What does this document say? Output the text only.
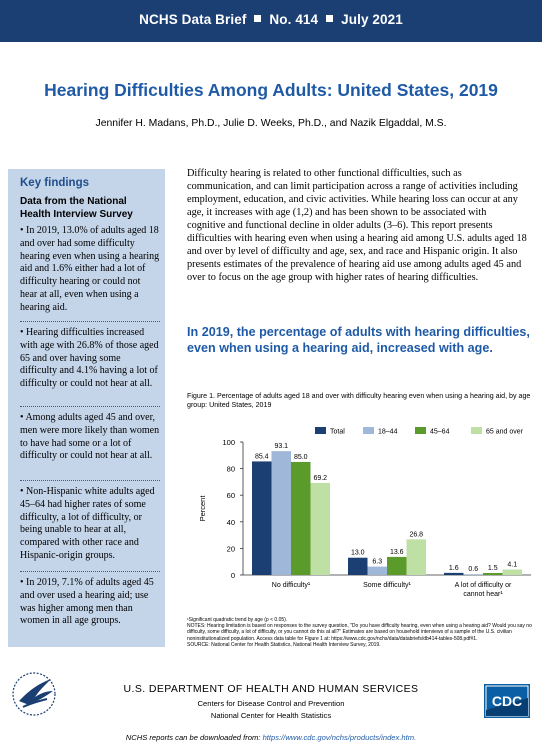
NCHS Data Brief No. 414 July 2021
Hearing Difficulties Among Adults: United States, 2019
Jennifer H. Madans, Ph.D., Julie D. Weeks, Ph.D., and Nazik Elgaddal, M.S.
Key findings
Data from the National Health Interview Survey
• In 2019, 13.0% of adults aged 18 and over had some difficulty hearing even when using a hearing aid and 1.6% either had a lot of difficulty hearing or could not hear at all, even when using a hearing aid.
• Hearing difficulties increased with age with 26.8% of those aged 65 and over having some difficulty and 4.1% having a lot of difficulty or could not hear at all.
• Among adults aged 45 and over, men were more likely than women to have had some or a lot of difficulty or could not hear at all.
• Non-Hispanic white adults aged 45–64 had higher rates of some difficulty, a lot of difficulty, or being unable to hear at all, compared with other race and Hispanic-origin groups.
• In 2019, 7.1% of adults aged 45 and over used a hearing aid; use was higher among men than women in all age groups.
Difficulty hearing is related to other functional difficulties, such as communication, and can limit participation across a range of activities including employment, education, and civic activities. While hearing loss can occur at any age, it increases with age (1,2) and has been shown to be associated with cognitive and functional decline in older adults (3–6). This report presents difficulties with hearing even when using a hearing aid among U.S. adults aged 18 and over by level of difficulty and age, sex, and race and Hispanic origin. It also presents estimates of the prevalence of hearing aid use among adults aged 45 and over to focus on the age group with higher rates of hearing difficulties.
In 2019, the percentage of adults with hearing difficulties, even when using a hearing aid, increased with age.
Figure 1. Percentage of adults aged 18 and over with difficulty hearing even when using a hearing aid, by age group: United States, 2019
0
20
40
60
80
100
Percent
Total	18–44	45–64	65 and over
85.4
93.1
85.0
69.2
No difficulty¹
13.0
6.3
13.6
26.8
Some difficulty¹
1.6 0.6 1.5 4.1
A lot of difficulty or
cannot hear¹
¹Significant quadratic trend by age (p < 0.05).
NOTES: Hearing limitation is based on responses to the survey question, "Do you have difficulty hearing, even when using a hearing aid? Would you say no difficulty, some difficulty, a lot of difficulty, or you cannot do this at all?" Estimates are based on household interviews of a sample of the U.S. civilian noninstitutionalized population. Access data table for Figure 1 at: https://www.cdc.gov/nchs/data/databriefs/db414-tables-508.pdf#1.
SOURCE: National Center for Health Statistics, National Health Interview Survey, 2019.
U.S. DEPARTMENT OF HEALTH AND HUMAN SERVICES
Centers for Disease Control and Prevention
National Center for Health Statistics
CDC
NCHS reports can be downloaded from: https://www.cdc.gov/nchs/products/index.htm.
